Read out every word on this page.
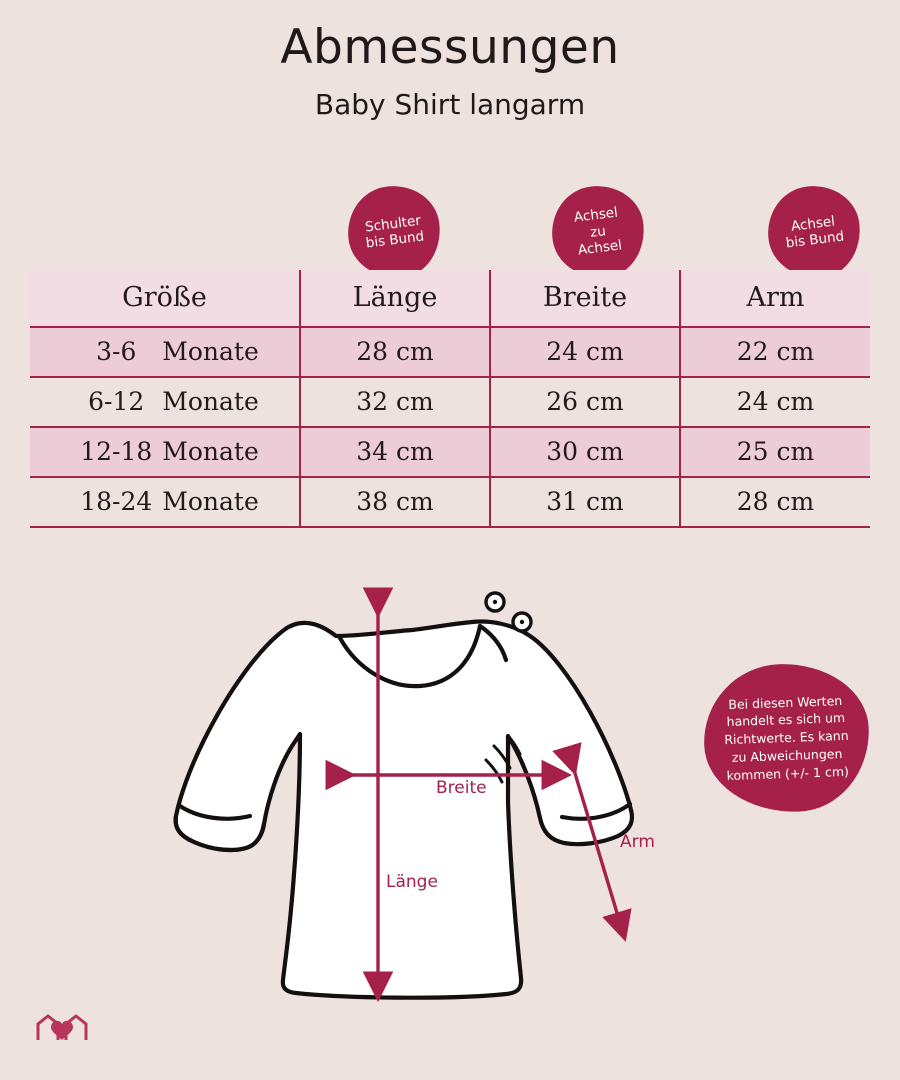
Abmessungen
Baby Shirt langarm
Schulter
bis Bund
Achsel
zu
Achsel
Achsel
bis Bund
Größe	Länge	Breite	Arm
3-6 Monate	28 cm	24 cm	22 cm
6-12 Monate	32 cm	26 cm	24 cm
12-18 Monate	34 cm	30 cm	25 cm
18-24 Monate	38 cm	31 cm	28 cm
Bei diesen Werten handelt es sich um Richtwerte. Es kann zu Abweichungen kommen (+/- 1 cm)
Breite
Länge
Arm
